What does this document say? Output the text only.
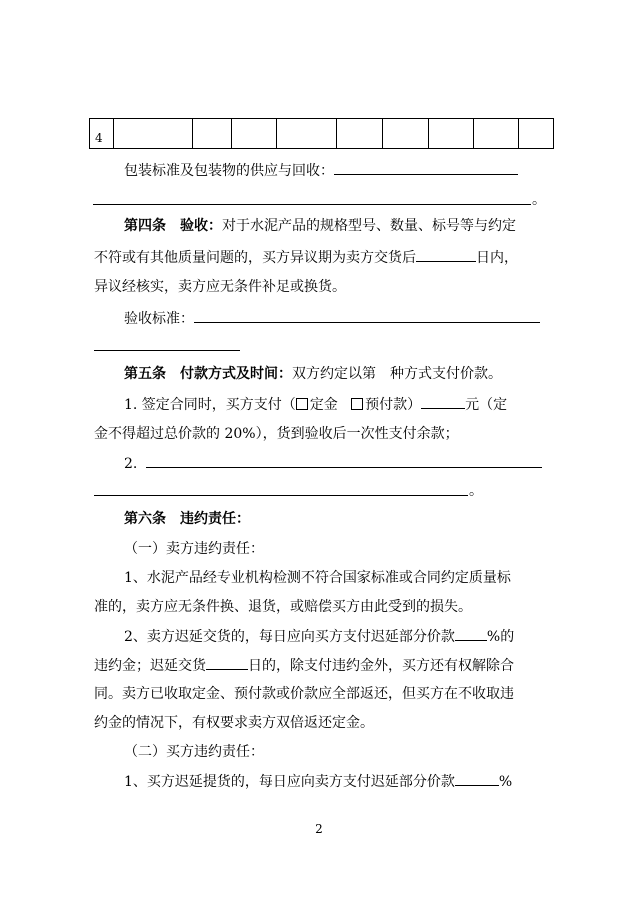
4									
包装标准及包装物的供应与回收：
。
第四条　验收：对于水泥产品的规格型号、数量、标号等与约定
不符或有其他质量问题的，买方异议期为卖方交货后	日内，
异议经核实，卖方应无条件补足或换货。
验收标准：
第五条　付款方式及时间：双方约定以第　种方式支付价款。
1. 签定合同时，买方支付（ 定金 预付款）	元（定
金不得超过总价款的 20%），货到验收后一次性支付余款；
2.
。
第六条　违约责任：
（一）卖方违约责任：
1、水泥产品经专业机构检测不符合国家标准或合同约定质量标
准的，卖方应无条件换、退货，或赔偿买方由此受到的损失。
2、卖方迟延交货的，每日应向买方支付迟延部分价款 %的
违约金；迟延交货	日的，除支付违约金外，买方还有权解除合
同。卖方已收取定金、预付款或价款应全部返还，但买方在不收取违
约金的情况下，有权要求卖方双倍返还定金。
（二）买方违约责任：
1、买方迟延提货的，每日应向卖方支付迟延部分价款	%
2
